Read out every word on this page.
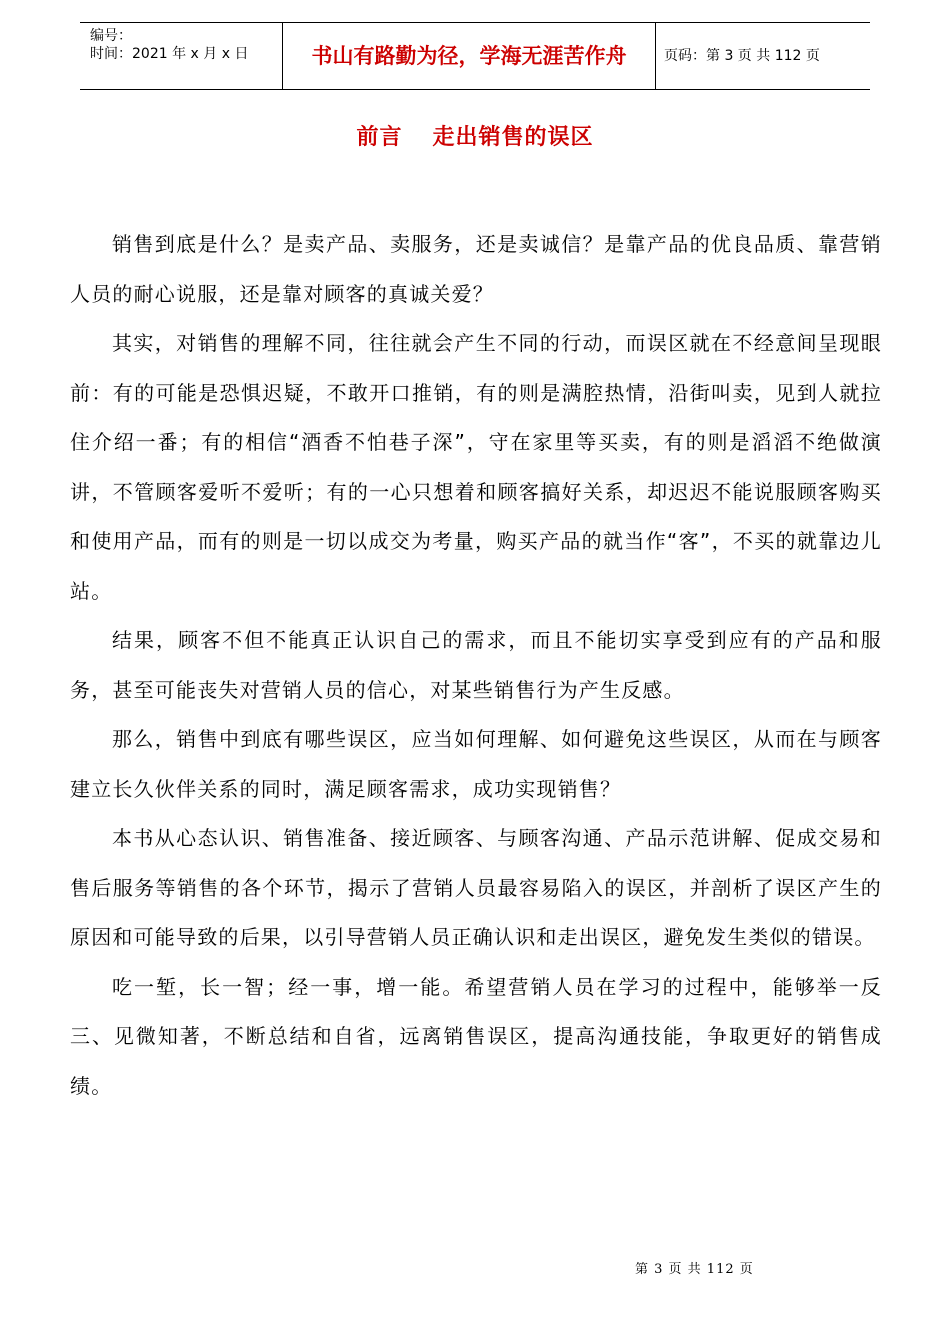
编号：
时间：2021 年 x 月 x 日	书山有路勤为径，学海无涯苦作舟	页码：第 3 页 共 112 页
前言 走出销售的误区

销售到底是什么？是卖产品、卖服务，还是卖诚信？是靠产品的优良品质、靠营销人员的耐心说服，还是靠对顾客的真诚关爱？

其实，对销售的理解不同，往往就会产生不同的行动，而误区就在不经意间呈现眼前：有的可能是恐惧迟疑，不敢开口推销，有的则是满腔热情，沿街叫卖，见到人就拉住介绍一番；有的相信“酒香不怕巷子深”，守在家里等买卖，有的则是滔滔不绝做演讲，不管顾客爱听不爱听；有的一心只想着和顾客搞好关系，却迟迟不能说服顾客购买和使用产品，而有的则是一切以成交为考量，购买产品的就当作“客”，不买的就靠边儿站。

结果，顾客不但不能真正认识自己的需求，而且不能切实享受到应有的产品和服务，甚至可能丧失对营销人员的信心，对某些销售行为产生反感。

那么，销售中到底有哪些误区，应当如何理解、如何避免这些误区，从而在与顾客建立长久伙伴关系的同时，满足顾客需求，成功实现销售？

本书从心态认识、销售准备、接近顾客、与顾客沟通、产品示范讲解、促成交易和售后服务等销售的各个环节，揭示了营销人员最容易陷入的误区，并剖析了误区产生的原因和可能导致的后果，以引导营销人员正确认识和走出误区，避免发生类似的错误。

吃一堑，长一智；经一事，增一能。希望营销人员在学习的过程中，能够举一反三、见微知著，不断总结和自省，远离销售误区，提高沟通技能，争取更好的销售成绩。

第 3 页 共 112 页
